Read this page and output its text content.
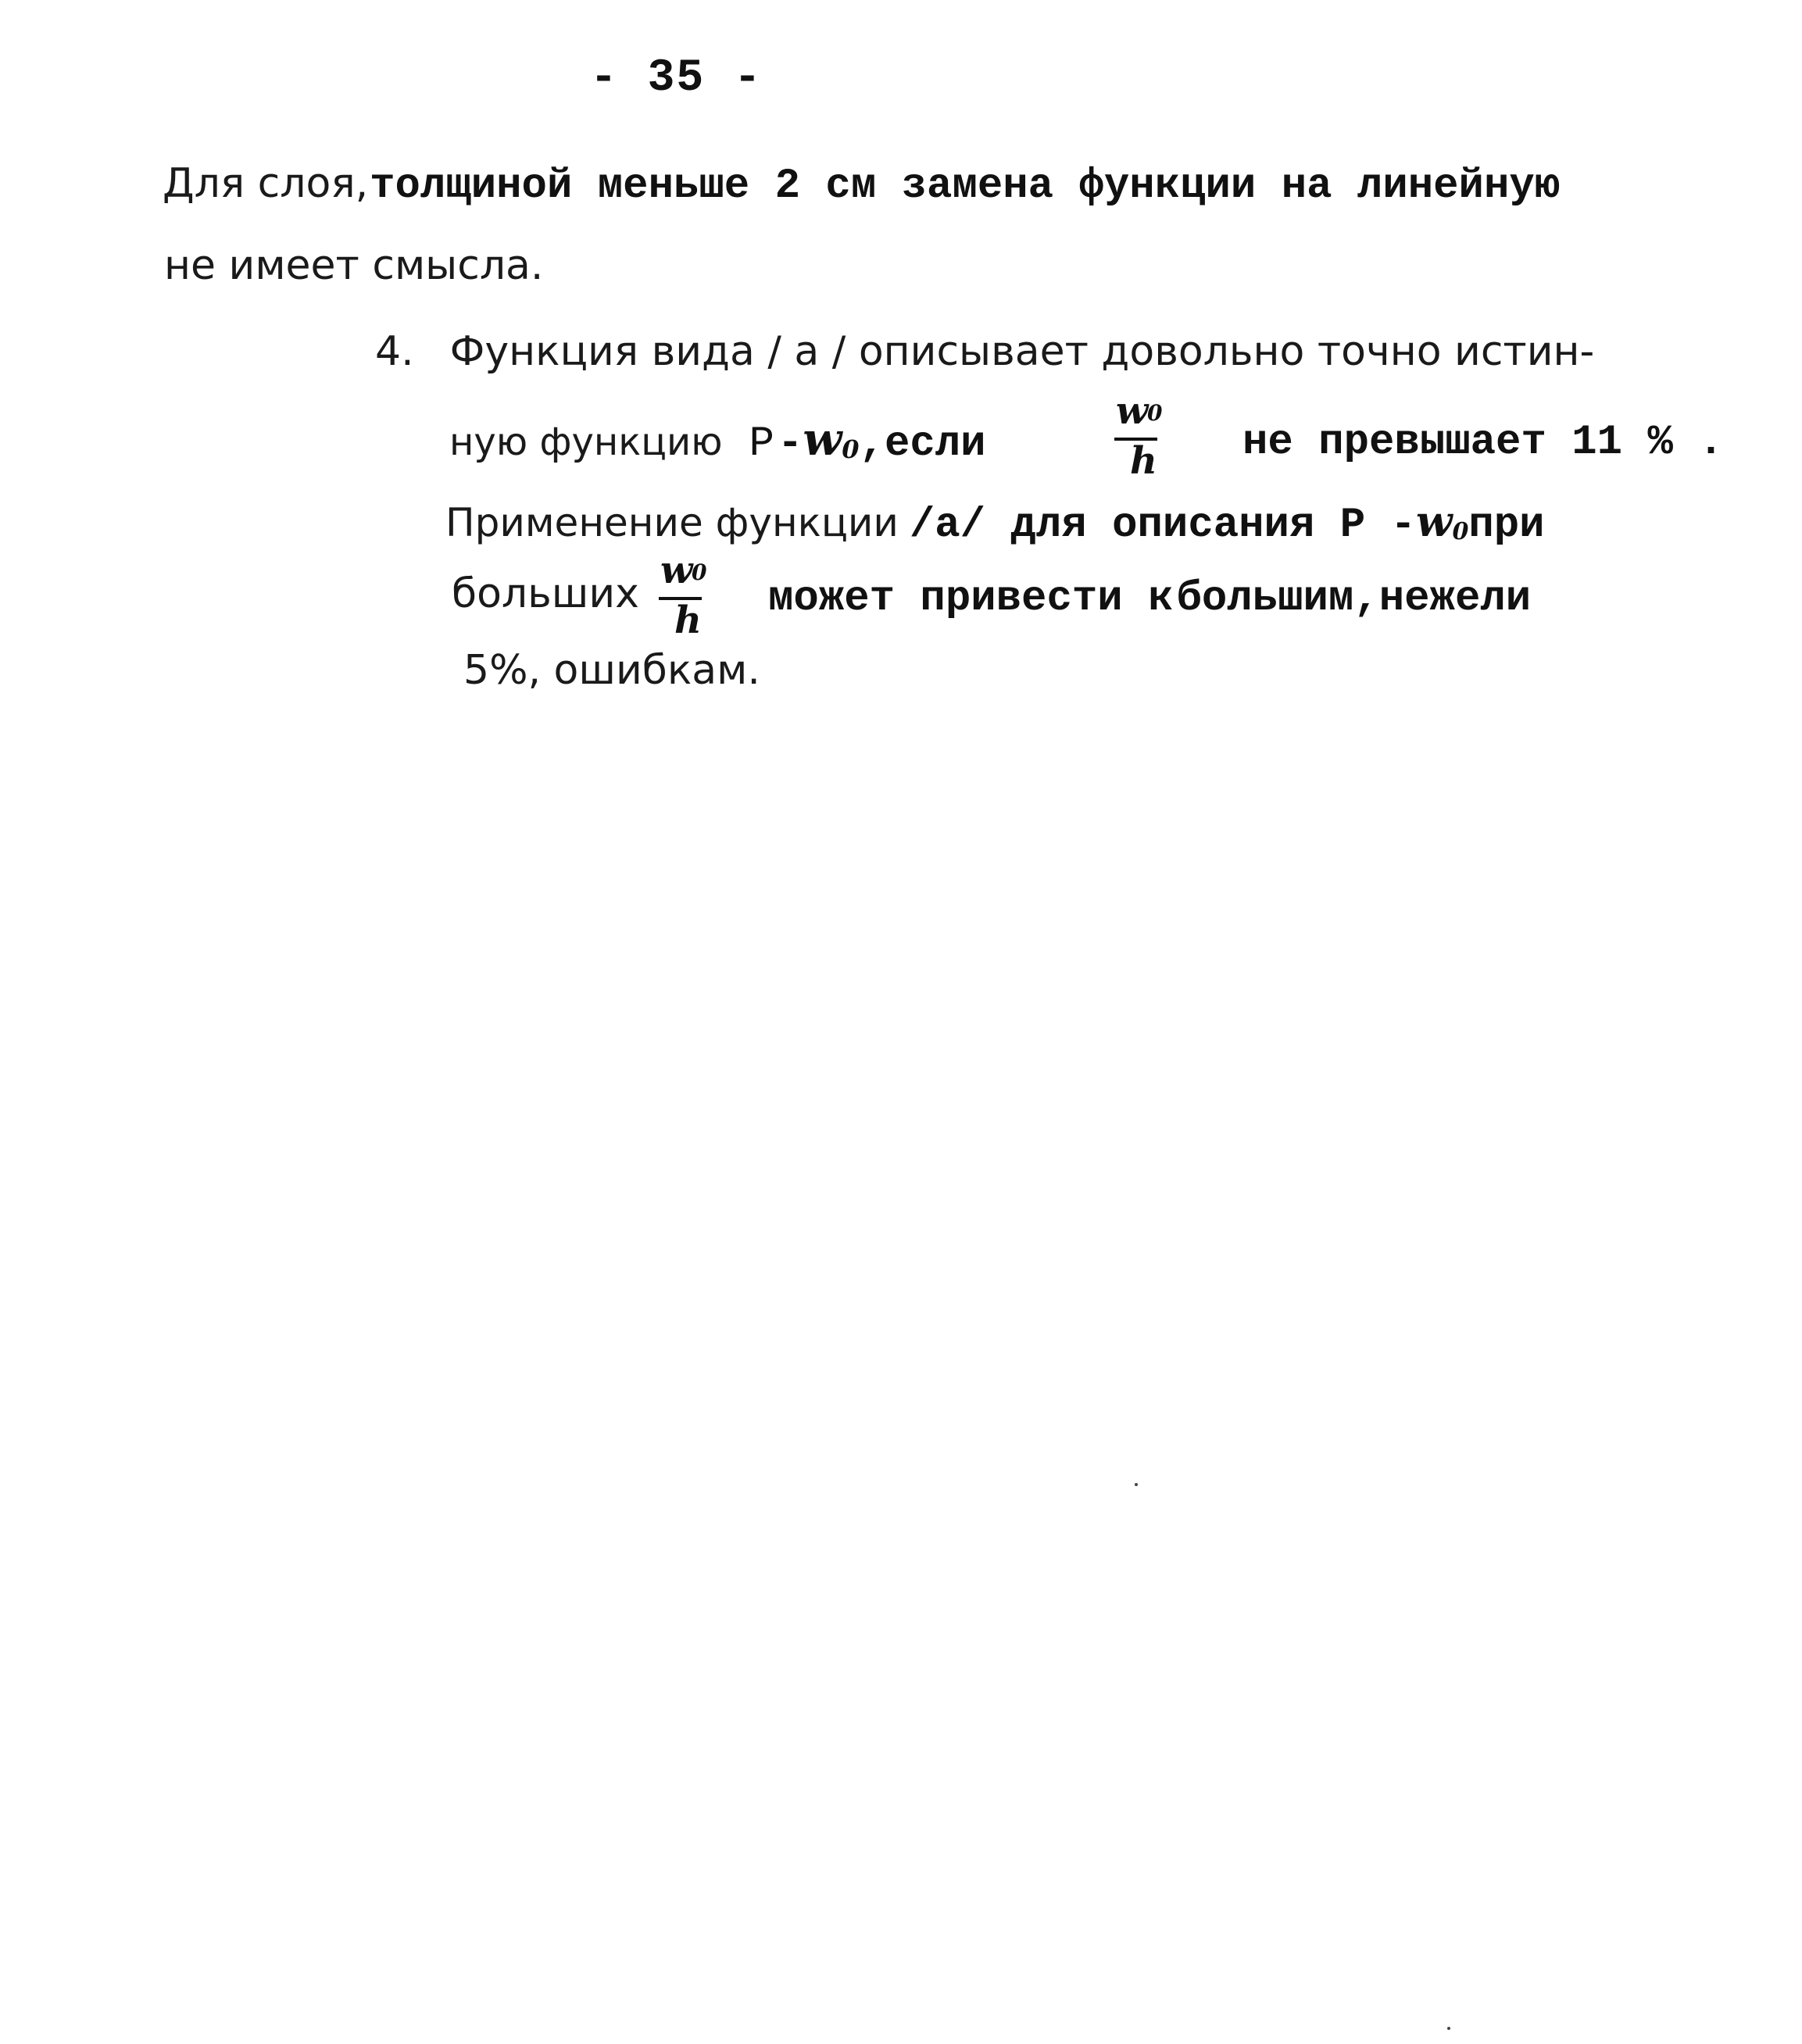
- 35 -
Для слоя,толщиной меньше 2 см замена функции на линейную
не имеет смысла.
4. Функция вида / а / описывает довольно точно истин-
ную функцию P $-w_0,если$
w
0
h не превышает 11 % .
Применение функции /а/ для описания P $-w_0при$
больших w
0
h может привести к большим,нежели
5%, ошибкам.
